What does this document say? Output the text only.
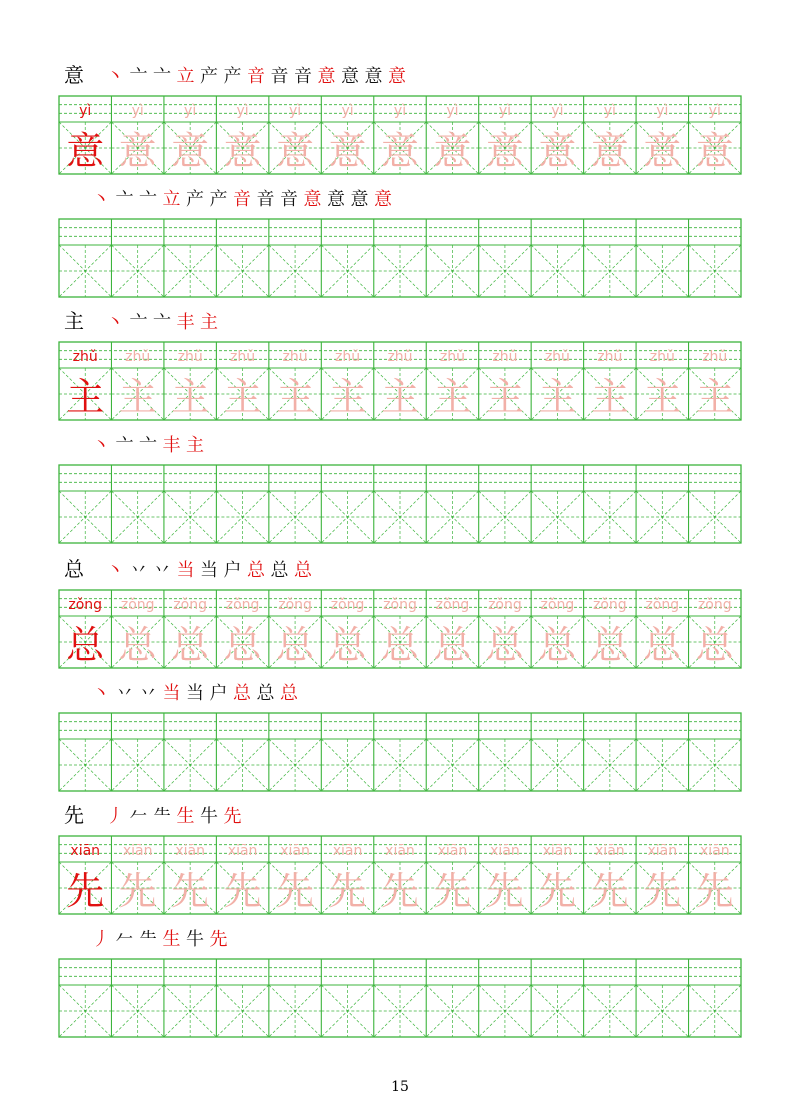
意 丶 亠 亠 立 产 产 音 音 音 意 意 意 意
yì
意
yì
意
yì
意
yì
意
yì
意
yì
意
yì
意
yì
意
yì
意
yì
意
yì
意
yì
意
yì
意
丶 亠 亠 立 产 产 音 音 音 意 意 意 意
主 丶 亠 亠 丰 主
zhǔ
主
zhǔ
主
zhǔ
主
zhǔ
主
zhǔ
主
zhǔ
主
zhǔ
主
zhǔ
主
zhǔ
主
zhǔ
主
zhǔ
主
zhǔ
主
zhǔ
主
丶 亠 亠 丰 主
总 丶 丷 丷 当 当 户 总 总 总
zǒng
总
zǒng
总
zǒng
总
zǒng
总
zǒng
总
zǒng
总
zǒng
总
zǒng
总
zǒng
总
zǒng
总
zǒng
总
zǒng
总
zǒng
总
丶 丷 丷 当 当 户 总 总 总
先 丿 𠂉 ⺧ 生 牛 先
xiān
先
xiān
先
xiān
先
xiān
先
xiān
先
xiān
先
xiān
先
xiān
先
xiān
先
xiān
先
xiān
先
xiān
先
xiān
先
丿 𠂉 ⺧ 生 牛 先
15
